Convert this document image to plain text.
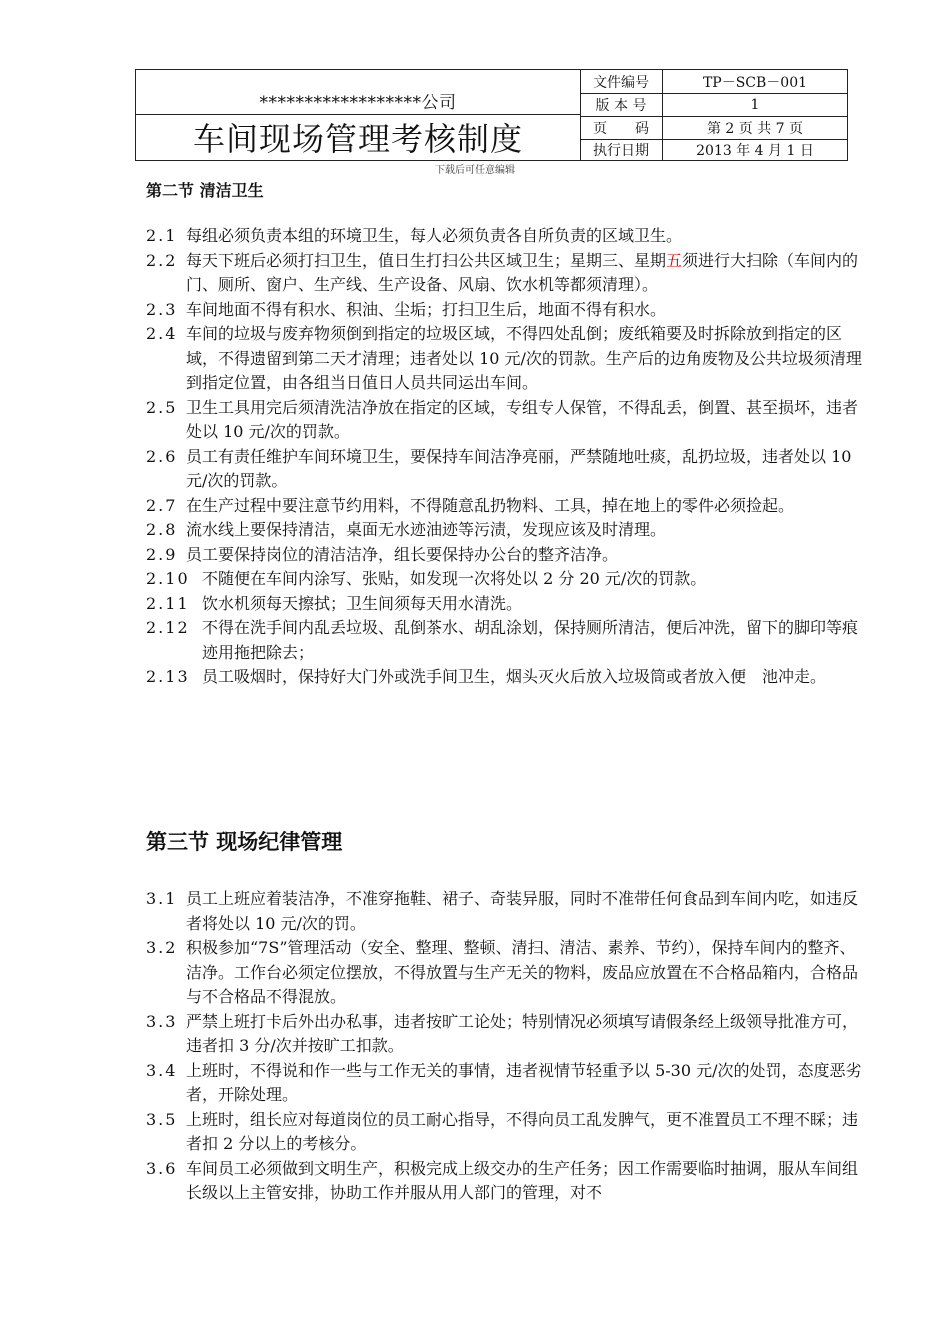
******************公司
车间现场管理考核制度
文件编号	TP－SCB－001
版 本 号	1
页　　码	第 2 页 共 7 页
执行日期	2013 年 4 月 1 日
下载后可任意编辑
第二节 清洁卫生
2.1 每组必须负责本组的环境卫生，每人必须负责各自所负责的区域卫生。
2.2 每天下班后必须打扫卫生，值日生打扫公共区域卫生；星期三、星期五须进行大扫除（车间内的门、厕所、窗户、生产线、生产设备、风扇、饮水机等都须清理）。
2.3 车间地面不得有积水、积油、尘垢；打扫卫生后，地面不得有积水。
2.4 车间的垃圾与废弃物须倒到指定的垃圾区域，不得四处乱倒；废纸箱要及时拆除放到指定的区域，不得遗留到第二天才清理；违者处以 10 元/次的罚款。生产后的边角废物及公共垃圾须清理到指定位置，由各组当日值日人员共同运出车间。
2.5 卫生工具用完后须清洗洁净放在指定的区域，专组专人保管，不得乱丢，倒置、甚至损坏，违者处以 10 元/次的罚款。
2.6 员工有责任维护车间环境卫生，要保持车间洁净亮丽，严禁随地吐痰，乱扔垃圾，违者处以 10 元/次的罚款。
2.7 在生产过程中要注意节约用料，不得随意乱扔物料、工具，掉在地上的零件必须捡起。
2.8 流水线上要保持清洁，桌面无水迹油迹等污渍，发现应该及时清理。
2.9 员工要保持岗位的清洁洁净，组长要保持办公台的整齐洁净。
2.10 不随便在车间内涂写、张贴，如发现一次将处以 2 分 20 元/次的罚款。
2.11 饮水机须每天擦拭；卫生间须每天用水清洗。
2.12 不得在洗手间内乱丢垃圾、乱倒茶水、胡乱涂划，保持厕所清洁，便后冲洗，留下的脚印等痕迹用拖把除去；
2.13 员工吸烟时，保持好大门外或洗手间卫生，烟头灭火后放入垃圾筒或者放入便　池冲走。
第三节 现场纪律管理
3.1 员工上班应着装洁净，不准穿拖鞋、裙子、奇装异服，同时不准带任何食品到车间内吃，如违反者将处以 10 元/次的罚。
3.2 积极参加“7S”管理活动（安全、整理、整顿、清扫、清洁、素养、节约），保持车间内的整齐、洁净。工作台必须定位摆放，不得放置与生产无关的物料，废品应放置在不合格品箱内，合格品与不合格品不得混放。
3.3 严禁上班打卡后外出办私事，违者按旷工论处；特别情况必须填写请假条经上级领导批准方可，违者扣 3 分/次并按旷工扣款。
3.4 上班时，不得说和作一些与工作无关的事情，违者视情节轻重予以 5-30 元/次的处罚，态度恶劣者，开除处理。
3.5 上班时，组长应对每道岗位的员工耐心指导，不得向员工乱发脾气，更不准置员工不理不睬；违者扣 2 分以上的考核分。
3.6 车间员工必须做到文明生产，积极完成上级交办的生产任务；因工作需要临时抽调，服从车间组长级以上主管安排，协助工作并服从用人部门的管理，对不
